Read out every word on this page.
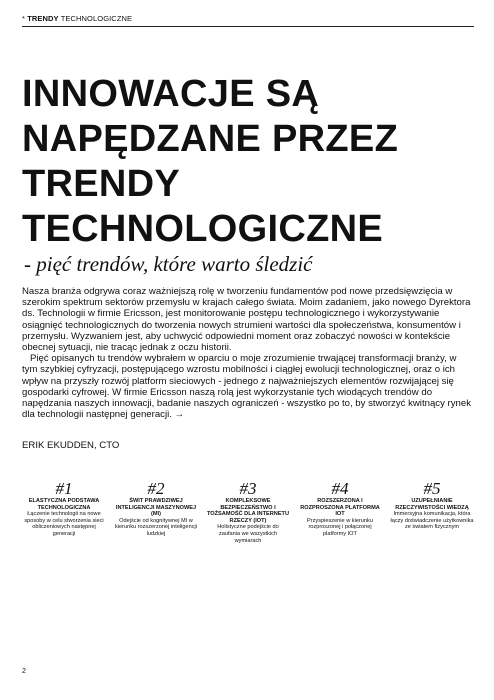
* TRENDY TECHNOLOGICZNE
INNOWACJE SĄ
NAPĘDZANE PRZEZ
TRENDY
TECHNOLOGICZNE
- pięć trendów, które warto śledzić

Nasza branża odgrywa coraz ważniejszą rolę w tworzeniu fundamentów pod nowe przedsięwzięcia w szerokim spektrum sektorów przemysłu w krajach całego świata. Moim zadaniem, jako nowego Dyrektora ds. Technologii w firmie Ericsson, jest monitorowanie postępu technologicznego i wykorzystywanie osiągnięć technologicznych do tworzenia nowych strumieni wartości dla społeczeństwa, konsumentów i przemysłu. Wyzwaniem jest, aby uchwycić odpowiedni moment oraz zobaczyć nowości w kontekście obecnej sytuacji, nie tracąc jednak z oczu historii.

Pięć opisanych tu trendów wybrałem w oparciu o moje zrozumienie trwającej transformacji branży, w tym szybkiej cyfryzacji, postępującego wzrostu mobilności i ciągłej ewolucji technologicznej, oraz o ich wpływ na przyszły rozwój platform sieciowych - jednego z najważniejszych elementów rozwijającej się gospodarki cyfrowej. W firmie Ericsson naszą rolą jest wykorzystanie tych wiodących trendów do napędzania naszych innowacji, badanie naszych ograniczeń - wszystko po to, by stworzyć kwitnący rynek dla technologii następnej generacji. →

ERIK EKUDDEN, CTO
#1
ELASTYCZNA PODSTAWA TECHNOLOGICZNA
Łączenie technologii na nowe sposoby w celu stworzenia sieci obliczeniowych następnej generacji
#2
ŚWIT PRAWDZIWEJ INTELIGENCJI MASZYNOWEJ (MI)
Odejście od kognitywnej MI w kierunku rozszerzonej inteligencji ludzkiej
#3
KOMPLEKSOWE BEZPIECZEŃSTWO I TOŻSAMOŚĆ DLA INTERNETU RZECZY (IOT)
Holistyczne podejście do zaufania we wszystkich wymiarach
#4
ROZSZERZONA I ROZPROSZONA PLATFORMA IOT
Przyspieszenie w kierunku rozproszonej i połączonej platformy IOT
#5
UZUPEŁNIANIE RZECZYWISTOŚCI WIEDZĄ
Immersyjna komunikacja, która łączy doświadczenie użytkownika ze światem fizycznym
2
